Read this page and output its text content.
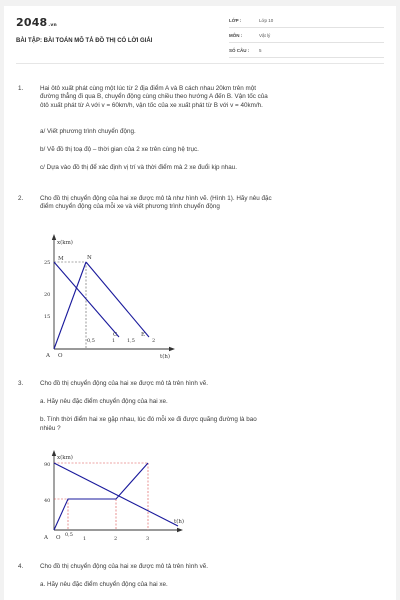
2048.vn
BÀI TẬP: BÀI TOÁN MÔ TẢ ĐỒ THỊ CÓ LỜI GIẢI
LỚP :	Lớp 10
MÔN :	Vật lý
SỐ CÂU : 5
1.	Hai ôtô xuất phát cùng một lúc từ 2 địa điểm A và B cách nhau 20km trên một
đường thẳng đi qua B, chuyển động cùng chiều theo hướng A đến B. Vận tốc của
ôtô xuất phát từ A với v = 60km/h, vận tốc của xe xuất phát từ B với v = 40km/h.
a/ Viết phương trình chuyển động.
b/ Vẽ đồ thị toạ độ – thời gian của 2 xe trên cùng hệ trục.
c/ Dựa vào đồ thị để xác định vị trí và thời điểm mà 2 xe đuổi kịp nhau.
2.	Cho đồ thị chuyển động của hai xe được mô tả như hình vẽ. (Hình 1). Hãy nêu đặc
điểm chuyển động của mỗi xe và viết phương trình chuyển động
x(km)
t(h)
25
20
15
0,5	1 1,5	2
M	N
C	E
A O
3.	Cho đồ thị chuyển động của hai xe được mô tả trên hình vẽ.
a. Hãy nêu đặc điểm chuyển động của hai xe.
b. Tính thời điểm hai xe gặp nhau, lúc đó mỗi xe đi được quãng đường là bao
nhiêu ?
x(km)
t(h)
90
40
0,5
1	2	3
A O
4.	Cho đồ thị chuyển động của hai xe được mô tả trên hình vẽ.
a. Hãy nêu đặc điểm chuyển động của hai xe.
